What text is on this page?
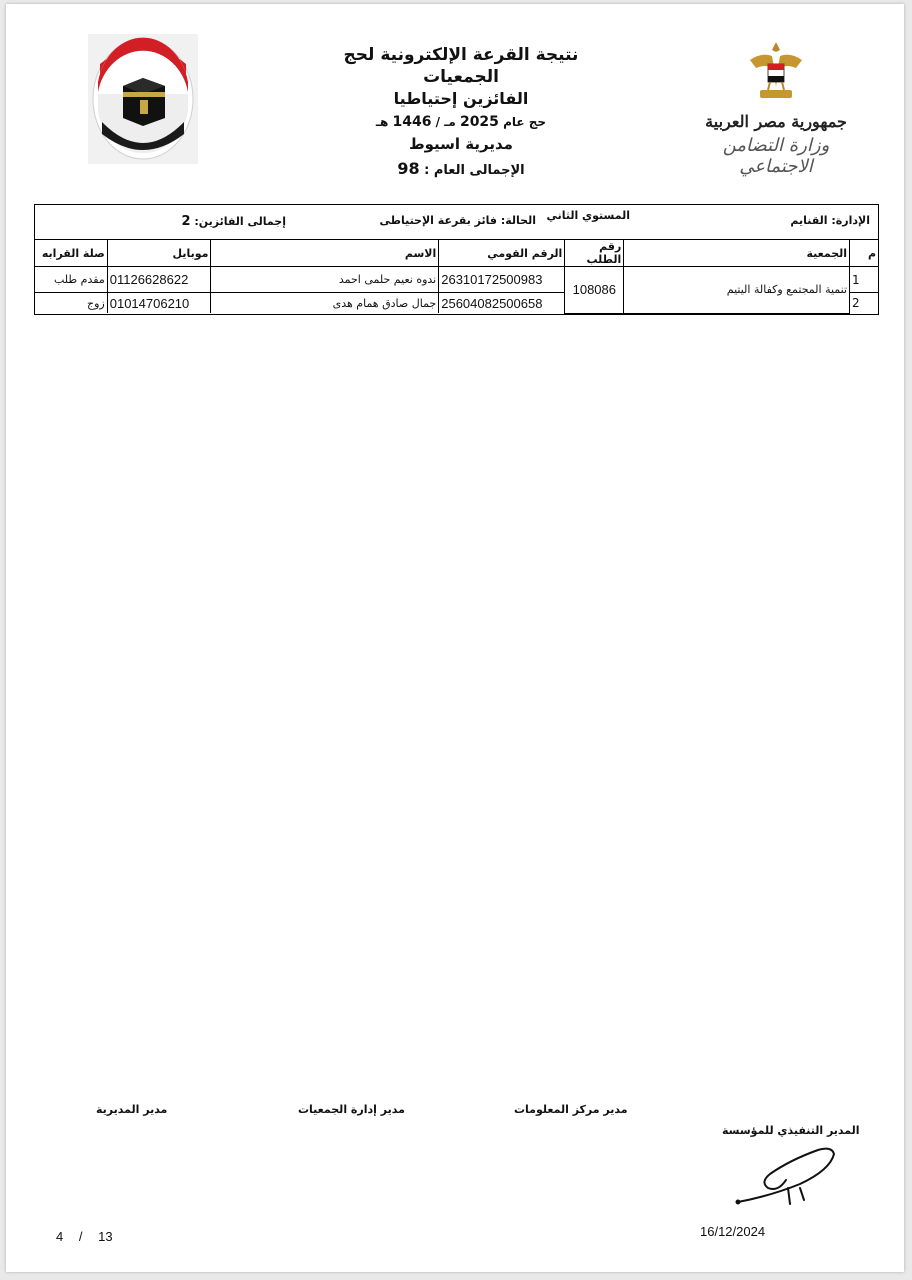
نتيجة القرعة الإلكترونية لحج الجمعيات
الفائزين إحتياطيا
حج عام 2025 مـ / 1446 هـ
مديرية اسيوط
الإجمالى العام : 98
جمهورية مصر العربية
وزارة التضامن الاجتماعي
الإدارة: القنايم
المستوي الثاني
الحالة: فائز بقرعة الإحتياطى
إجمالى الفائزين: 2
م	الجمعية	رقم الطلب	الرقم القومي	الاسم	موبايل	صلة القرابه
1	تنمية المجتمع وكفالة اليتيم	108086	26310172500983	ندوه نعيم حلمى احمد	01126628622	مقدم طلب
2			25604082500658	جمال صادق همام هدى	01014706210	زوج
مدير المديرية	مدير إدارة الجمعيات	مدير مركز المعلومات
المدير التنفيذي للمؤسسة
4 / 13	16/12/2024
